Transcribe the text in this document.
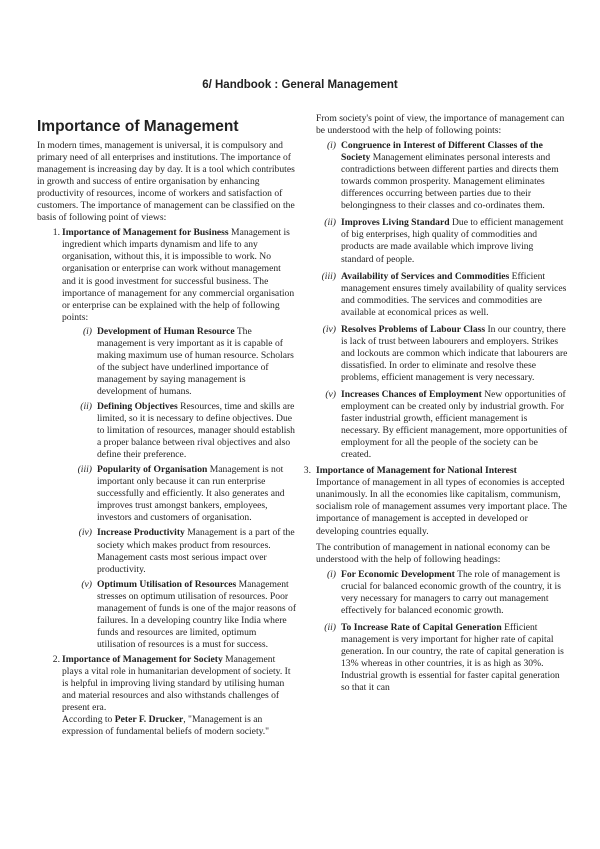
6/ Handbook : General Management
Importance of Management

In modern times, management is universal, it is compulsory and primary need of all enterprises and institutions. The importance of management is increasing day by day. It is a tool which contributes in growth and success of entire organisation by enhancing productivity of resources, income of workers and satisfaction of customers. The importance of management can be classified on the basis of following point of views:

1. Importance of Management for Business Management is ingredient which imparts dynamism and life to any organisation, without this, it is impossible to work. No organisation or enterprise can work without management and it is good investment for successful business. The importance of management for any commercial organisation or enterprise can be explained with the help of following points:

(i) Development of Human Resource The management is very important as it is capable of making maximum use of human resource. Scholars of the subject have underlined importance of management by saying management is development of humans.

(ii) Defining Objectives Resources, time and skills are limited, so it is necessary to define objectives. Due to limitation of resources, manager should establish a proper balance between rival objectives and also define their preference.

(iii) Popularity of Organisation Management is not important only because it can run enterprise successfully and efficiently. It also generates and improves trust amongst bankers, employees, investors and customers of organisation.

(iv) Increase Productivity Management is a part of the society which makes product from resources. Management casts most serious impact over productivity.

(v) Optimum Utilisation of Resources Management stresses on optimum utilisation of resources. Poor management of funds is one of the major reasons of failures. In a developing country like India where funds and resources are limited, optimum utilisation of resources is a must for success.

2. Importance of Management for Society Management plays a vital role in humanitarian development of society. It is helpful in improving living standard by utilising human and material resources and also withstands challenges of present era.

According to Peter F. Drucker, "Management is an expression of fundamental beliefs of modern society."

From society's point of view, the importance of management can be understood with the help of following points:

(i) Congruence in Interest of Different Classes of the Society Management eliminates personal interests and contradictions between different parties and directs them towards common prosperity. Management eliminates differences occurring between parties due to their belongingness to their classes and co-ordinates them.

(ii) Improves Living Standard Due to efficient management of big enterprises, high quality of commodities and products are made available which improve living standard of people.

(iii) Availability of Services and Commodities Efficient management ensures timely availability of quality services and commodities. The services and commodities are available at economical prices as well.

(iv) Resolves Problems of Labour Class In our country, there is lack of trust between labourers and employers. Strikes and lockouts are common which indicate that labourers are dissatisfied. In order to eliminate and resolve these problems, efficient management is very necessary.

(v) Increases Chances of Employment New opportunities of employment can be created only by industrial growth. For faster industrial growth, efficient management is necessary. By efficient management, more opportunities of employment for all the people of the society can be created.

3. Importance of Management for National Interest

Importance of management in all types of economies is accepted unanimously. In all the economies like capitalism, communism, socialism role of management assumes very important place. The importance of management is accepted in developed or developing countries equally.

The contribution of management in national economy can be understood with the help of following headings:

(i) For Economic Development The role of management is crucial for balanced economic growth of the country, it is very necessary for managers to carry out management effectively for balanced economic growth.

(ii) To Increase Rate of Capital Generation Efficient management is very important for higher rate of capital generation. In our country, the rate of capital generation is 13% whereas in other countries, it is as high as 30%. Industrial growth is essential for faster capital generation so that it can
